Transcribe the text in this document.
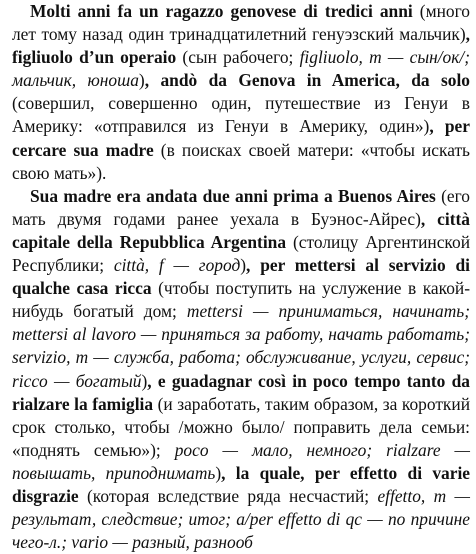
Molti anni fa un ragazzo genovese di tredici anni (много лет тому назад один тринадцатилетний генуэзский мальчик), figliuolo d’un operaio (сын рабочего; figliuolo, m — сын/ок/; мальчик, юноша), andò da Genova in America, da solo (совершил, совершенно один, путешествие из Генуи в Америку: «отправился из Генуи в Америку, один»), per cercare sua madre (в поисках своей матери: «чтобы искать свою мать»).

Sua madre era andata due anni prima a Buenos Aires (его мать двумя годами ранее уехала в Буэнос-Айрес), città capitale della Repubblica Argentina (столицу Аргентинской Республики; città, f — город), per mettersi al servizio di qualche casa ricca (чтобы поступить на услужение в какой-нибудь богатый дом; mettersi — приниматься, начинать; mettersi al lavoro — приняться за работу, начать работать; servizio, m — служба, работа; обслуживание, услуги, сервис; ricco — богатый), e guadagnar così in poco tempo tanto da rialzare la famiglia (и заработать, таким образом, за короткий срок столько, чтобы /можно было/ поправить дела семьи: «поднять семью»); poco — мало, немного; rialzare — повышать, приподнимать), la quale, per effetto di varie disgrazie (которая вследствие ряда несчастий; effetto, m — результат, следствие; итог; a/per effetto di qc — по причине чего-л.; vario — разный, разнооб
